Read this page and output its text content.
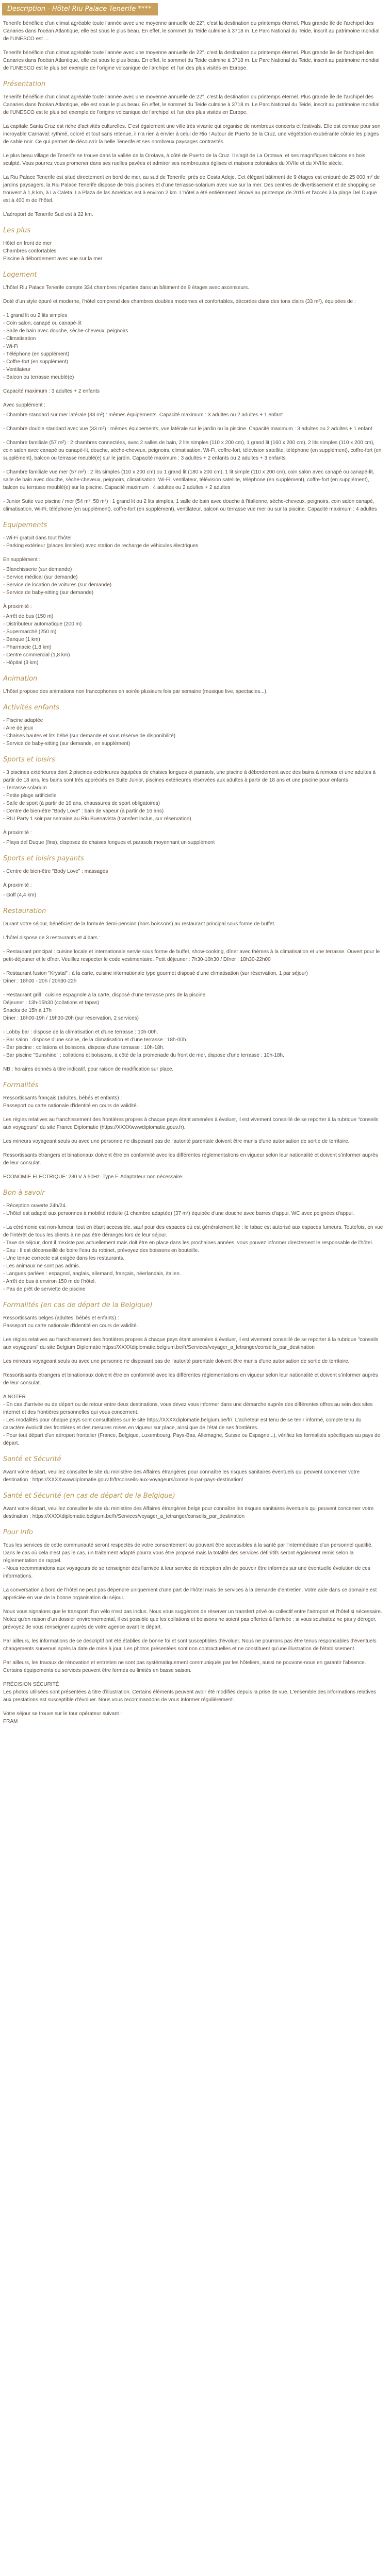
Description - Hôtel Riu Palace Tenerife ****

Tenerife bénéficie d'un climat agréable toute l'année avec une moyenne annuelle de 22°, c'est la destination du printemps éternel. Plus grande île de l'archipel des Canaries dans l'océan Atlantique, elle est sous le plus beau. En effet, le sommet du Teide culmine à 3718 m. Le Parc National du Teide, inscrit au patrimoine mondial de l'UNESCO est ...

Tenerife bénéficie d'un climat agréable toute l'année avec une moyenne annuelle de 22°, c'est la destination du printemps éternel. Plus grande île de l'archipel des Canaries dans l'océan Atlantique, elle est sous le plus beau. En effet, le sommet du Teide culmine à 3718 m. Le Parc National du Teide, inscrit au patrimoine mondial de l'UNESCO est le plus bel exemple de l'origine volcanique de l'archipel et l'un des plus visités en Europe.

Présentation

Tenerife bénéficie d'un climat agréable toute l'année avec une moyenne annuelle de 22°, c'est la destination du printemps éternel. Plus grande île de l'archipel des Canaries dans l'océan Atlantique, elle est sous le plus beau. En effet, le sommet du Teide culmine à 3718 m. Le Parc National du Teide, inscrit au patrimoine mondial de l'UNESCO est le plus bel exemple de l'origine volcanique de l'archipel et l'un des plus visités en Europe.

La capitale Santa Cruz est riche d'activités culturelles. C'est également une ville très vivante qui organise de nombreux concerts et festivals. Elle est connue pour son incroyable Carnaval: rythmé, coloré et tout sans retenue, il n'a rien à envier à celui de Rio ! Autour de Puerto de la Cruz, une végétation exubérante côtoie les plages de sable noir. Ce qui permet de découvrir la belle Tenerife et ses nombreux paysages contrastés.

Le plus beau village de Tenerife se trouve dans la vallée de la Orotava, à côté de Puerto de la Cruz. Il s'agit de La Orotava, et ses magnifiques balcons en bois sculpté. Vous pourrez vous promener dans ses ruelles pavées et admirer ses nombreuses églises et maisons coloniales du XVIIe et du XVIIIe siècle.

La Riu Palace Tenerife est situé directement en bord de mer, au sud de Tenerife, près de Costa Adeje. Cet élégant bâtiment de 9 étages est entouré de 25 000 m² de jardins paysagers, la Riu Palace Tenerife dispose de trois piscines et d'une terrasse-solarium avec vue sur la mer. Des centres de divertissement et de shopping se trouvent à 1,8 km, à La Caleta. La Plaza de las Américas est à environ 2 km. L'hôtel a été entièrement rénové au printemps de 2015 et l'accès à la plage Del Duque est à 400 m de l'hôtel.

L'aéroport de Tenerife Sud est à 22 km.

Les plus
Hôtel en front de mer
Chambres confortables
Piscine à débordement avec vue sur la mer
Logement

L'hôtel Riu Palace Tenerife compte 334 chambres réparties dans un bâtiment de 9 étages avec ascenseurs.

Doté d'un style épuré et moderne, l'hôtel comprend des chambres doubles modernes et confortables, décorées dans des tons clairs (33 m²), équipées de :

- 1 grand lit ou 2 lits simples
- Coin salon, canapé ou canapé-lit
- Salle de bain avec douche, sèche-cheveux, peignoirs
- Climatisation
- Wi-Fi
- Téléphone (en supplément)
- Coffre-fort (en supplément)
- Ventilateur
- Balcon ou terrasse meublé(e)

Capacité maximum : 3 adultes + 2 enfants

Avec supplément :

- Chambre standard sur mer latérale (33 m²) : mêmes équipements. Capacité maximum : 3 adultes ou 2 adultes + 1 enfant

- Chambre double standard avec vue (33 m²) : mêmes équipements, vue latérale sur le jardin ou la piscine. Capacité maximum : 3 adultes ou 2 adultes + 1 enfant

- Chambre familiale (57 m²) : 2 chambres connectées, avec 2 salles de bain, 2 lits simples (110 x 200 cm), 1 grand lit (160 x 200 cm), 2 lits simples (110 x 200 cm), coin salon avec canapé ou canapé-lit, douche, sèche-cheveux, peignoirs, climatisation, Wi-Fi, coffre-fort, télévision satellite, téléphone (en supplément), coffre-fort (en supplément), balcon ou terrasse meublé(e) sur le jardin. Capacité maximum : 3 adultes + 2 enfants ou 2 adultes + 3 enfants

- Chambre familiale vue mer (57 m²) : 2 lits simples (110 x 200 cm) ou 1 grand lit (180 x 200 cm), 1 lit simple (110 x 200 cm), coin salon avec canapé ou canapé-lit, salle de bain avec douche, sèche-cheveux, peignoirs, climatisation, Wi-Fi, ventilateur, télévision satellite, téléphone (en supplément), coffre-fort (en supplément), balcon ou terrasse meublé(e) sur la piscine. Capacité maximum : 4 adultes ou 2 adultes + 2 adultes

- Junior Suite vue piscine / mer (54 m², 58 m²) : 1 grand lit ou 2 lits simples, 1 salle de bain avec douche à l'italienne, sèche-cheveux, peignoirs, coin salon canapé, climatisation, Wi-Fi, téléphone (en supplément), coffre-fort (en supplément), ventilateur, balcon ou terrasse vue mer ou sur la piscine. Capacité maximum : 4 adultes

Equipements
- Wi-Fi gratuit dans tout l'hôtel
- Parking extérieur (places limitées) avec station de recharge de véhicules électriques

En supplément :

- Blanchisserie (sur demande)
- Service médical (sur demande)
- Service de location de voitures (sur demande)
- Service de baby-sitting (sur demande)

À proximité :

- Arrêt de bus (150 m)
- Distributeur automatique (200 m)
- Supermarché (250 m)
- Banque (1 km)
- Pharmacie (1,8 km)
- Centre commercial (1,8 km)
- Hôpital (3 km)
Animation

L'hôtel propose des animations non francophones en soirée plusieurs fois par semaine (musique live, spectacles...).

Activités enfants
- Piscine adaptée
- Aire de jeux
- Chaises hautes et lits bébé (sur demande et sous réserve de disponibilité).
- Service de baby-sitting (sur demande, en supplément)
Sports et loisirs

- 3 piscines extérieures dont 2 piscines extérieures équipées de chaises longues et parasols, une piscine à débordement avec des bains à remous et une adultes à partir de 18 ans, les bains sont très appréciés en Suite Junior, piscines extérieures réservées aux adultes à partir de 18 ans et une piscine pour enfants

- Terrasse solarium
- Petite plage artificielle
- Salle de sport (à partir de 16 ans, chaussures de sport obligatoires)
- Centre de bien-être "Body Love" : bain de vapeur (à partir de 16 ans)
- RIU Party 1 soir par semaine au Riu Buenavista (transfert inclus, sur réservation)

À proximité :

- Playa del Duque (fins), disposez de chaises longues et parasols moyennant un supplément
Sports et loisirs payants
- Centre de bien-être "Body Love" : massages

À proximité :

- Golf (4,4 km)
Restauration

Durant votre séjour, bénéficiez de la formule demi-pension (hors boissons) au restaurant principal sous forme de buffet.

L'hôtel dispose de 3 restaurants et 4 bars :

- Restaurant principal : cuisine locale et internationale servie sous forme de buffet, show-cooking, dîner avec thèmes à la climatisation et une terrasse. Ouvert pour le petit-déjeuner et le dîner. Veuillez respecter le code vestimentaire. Petit déjeuner : 7h30-10h30 / Dîner : 18h30-22h00

- Restaurant fusion "Krystal" : à la carte, cuisine internationale type gourmet disposé d'une climatisation (sur réservation, 1 par séjour)
Dîner : 18h00 - 20h / 20h30-22h

- Restaurant grill : cuisine espagnole à la carte, disposé d'une terrasse près de la piscine.
Déjeuner : 13h-15h30 (collations et tapas)
Snacks de 15h à 17h
Dîner : 18h00-19h / 19h30-20h (sur réservation, 2 services)

- Lobby bar : dispose de la climatisation et d'une terrasse : 10h-00h.
- Bar salon : dispose d'une scène, de la climatisation et d'une terrasse : 18h-00h.
- Bar piscine : collations et boissons, dispose d'une terrasse : 10h-18h.
- Bar piscine "Sunshine" : collations et boissons, à côté de la promenade du front de mer, dispose d'une terrasse : 10h-18h.

NB : horaires donnés à titre indicatif, pour raison de modification sur place.

Formalités

Ressortissants français (adultes, bébés et enfants) :
Passeport ou carte nationale d'identité en cours de validité.

Les règles relatives au franchissement des frontières propres à chaque pays étant amenées à évoluer, il est vivement conseillé de se reporter à la rubrique "conseils aux voyageurs" du site France Diplomatie (https://XXXXwwwdiplomatie.gouv.fr).

Les mineurs voyageant seuls ou avec une personne ne disposant pas de l'autorité parentale doivent être munis d'une autorisation de sortie de territoire.

Ressortissants étrangers et binationaux doivent être en conformité avec les différentes réglementations en vigueur selon leur nationalité et doivent s'informer auprès de leur consulat.

ECONOMIE ELECTRIQUE: 230 V à 50Hz. Type F. Adaptateur non nécessaire.

Bon à savoir

- Réception ouverte 24h/24.
- L'hôtel est adapté aux personnes à mobilité réduite (1 chambre adaptée) (37 m²) équipée d'une douche avec barres d'appui, WC avec poignées d'appui.

- La cérémonie est non-fumeur, tout en étant accessible, sauf pour des espaces où est généralement lié : le tabac est autorisé aux espaces fumeurs. Toutefois, en vue de l'intérêt de tous les clients à ne pas être dérangés lors de leur séjour.

- Taxe de séjour, dont il n'existe pas actuellement mais doit être en place dans les prochaines années, vous pouvez informer directement le responsable de l'hôtel.

- Eau : Il est déconseillé de boire l'eau du robinet, prévoyez des boissons en bouteille.

- Une tenue correcte est exigée dans les restaurants.

- Les animaux ne sont pas admis.

- Langues parlées : espagnol, anglais, allemand, français, néerlandais, italien.

- Arrêt de bus à environ 150 m de l'hôtel.

- Pas de prêt de serviette de piscine

Formalités (en cas de départ de la Belgique)

Ressortissants belges (adultes, bébés et enfants) :
Passeport ou carte nationale d'identité en cours de validité.

Les règles relatives au franchissement des frontières propres à chaque pays étant amenées à évoluer, il est vivement conseillé de se reporter à la rubrique "conseils aux voyageurs" du site Belgium Diplomatie https://XXXXdiplomatie.belgium.be/fr/Services/voyager_a_letranger/conseils_par_destination

Les mineurs voyageant seuls ou avec une personne ne disposant pas de l'autorité parentale doivent être munis d'une autorisation de sortie de territoire.

Ressortissants étrangers et binationaux doivent être en conformité avec les différentes réglementations en vigueur selon leur nationalité et doivent s'informer auprès de leur consulat.

A NOTER
- En cas d'arrivée ou de départ ou de retour entre deux destinations, vous devez vous informer dans une démarche auprès des différentes offres au sein des sites internet et des frontières personnelles qui vous concernent.
- Les modalités pour chaque pays sont consultables sur le site https://XXXXdiplomatie.belgium.be/fr/. L'acheteur est tenu de se tenir informé, compte tenu du caractère évolutif des frontières et des mesures mises en vigueur sur place, ainsi que de l'état de ses frontières.
- Pour tout départ d'un aéroport frontalier (France, Belgique, Luxembourg, Pays-Bas, Allemagne, Suisse ou Espagne...), vérifiez les formalités spécifiques au pays de départ.

Santé et Sécurité

Avant votre départ, veuillez consulter le site du ministère des Affaires étrangères pour connaître les risques sanitaires éventuels qui peuvent concerner votre destination : https://XXXXwwwdiplomatie.gouv.fr/fr/conseils-aux-voyageurs/conseils-par-pays-destination/

Santé et Sécurité (en cas de départ de la Belgique)

Avant votre départ, veuillez consulter le site du ministère des Affaires étrangères belge pour connaître les risques sanitaires éventuels qui peuvent concerner votre destination : https://XXXXdiplomatie.belgium.be/fr/Services/voyager_a_letranger/conseils_par_destination

Pour info

Tous les services de cette communauté seront respectés de votre consentement ou pouvant être accessibles à la santé par l'intermédiaire d'un personnel qualifié. Dans le cas où cela n'est pas le cas, un traitement adapté pourra vous être proposé mais la totalité des services définitifs seront également remis selon la réglementation de rappel.
- Nous recommandons aux voyageurs de se renseigner dès l'arrivée à leur service de réception afin de pouvoir être informés sur une éventuelle évolution de ces informations.

La conversation à bord de l'hôtel ne peut pas dépendre uniquement d'une part de l'hôtel mais de services à la demande d'entretien. Votre aide dans ce domaine est appréciée en vue de la bonne organisation du séjour.

Nous vous signalons que le transport d'un vélo n'est pas inclus. Nous vous suggérons de réserver un transfert privé ou collectif entre l'aéroport et l'hôtel si nécessaire. Notez qu'en raison d'un dossier environnemental, il est possible que les collations et boissons ne soient pas offertes à l'arrivée : si vous souhaitez ne pas y déroger, prévoyez de vous renseigner auprès de votre agence avant le départ.

Par ailleurs, les informations de ce descriptif ont été établies de bonne foi et sont susceptibles d'évoluer. Nous ne pourrons pas être tenus responsables d'éventuels changements survenus après la date de mise à jour. Les photos présentées sont non contractuelles et ne constituent qu'une illustration de l'établissement.

Par ailleurs, les travaux de rénovation et entretien ne sont pas systématiquement communiqués par les hôteliers, aussi ne pouvons-nous en garantir l'absence. Certains équipements ou services peuvent être fermés ou limités en basse saison.

PRÉCISION SÉCURITÉ
Les photos utilisées sont présentées à titre d'illustration. Certains éléments peuvent avoir été modifiés depuis la prise de vue. L'ensemble des informations relatives aux prestations est susceptible d'évoluer. Nous vous recommandons de vous informer régulièrement.

Votre séjour se trouve sur le tour opérateur suivant :
FRAM
